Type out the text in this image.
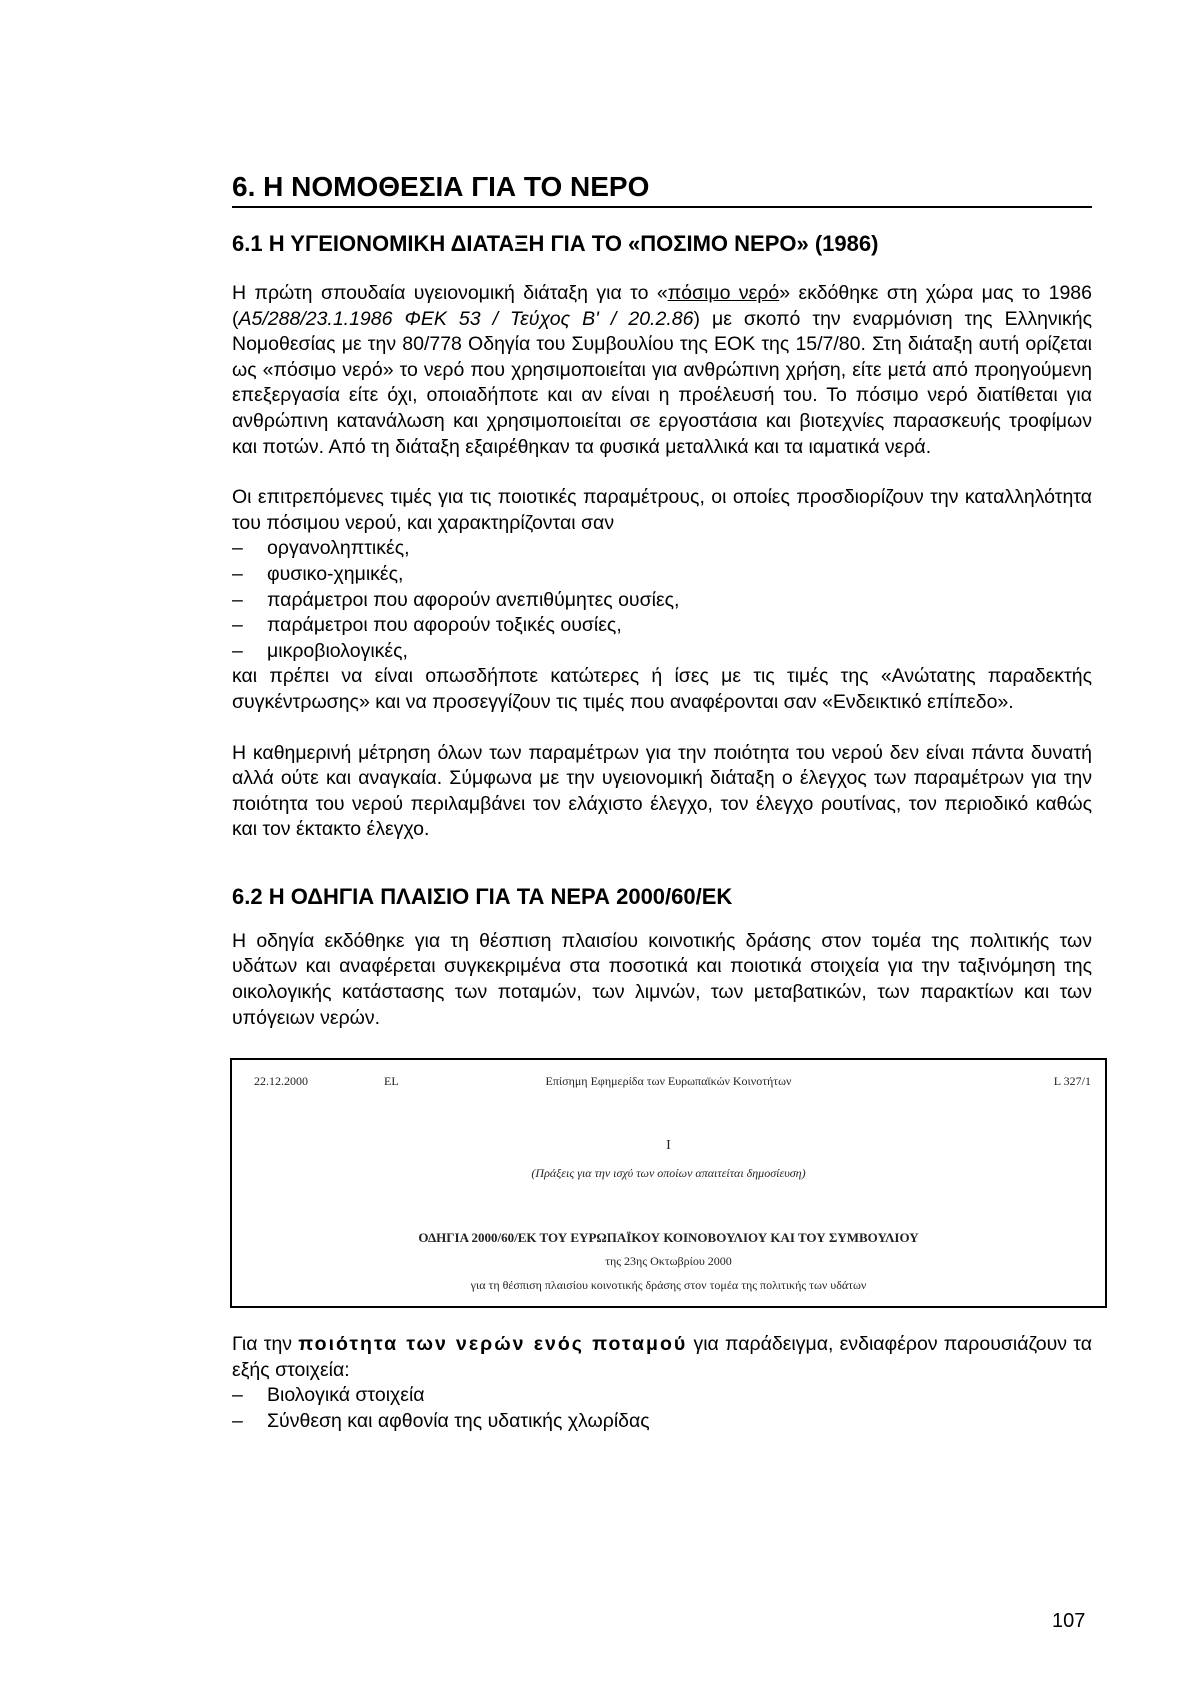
6. Η ΝΟΜΟΘΕΣΙΑ ΓΙΑ ΤΟ ΝΕΡΟ
6.1 Η ΥΓΕΙΟΝΟΜΙΚΗ ΔΙΑΤΑΞΗ ΓΙΑ ΤΟ «ΠΟΣΙΜΟ ΝΕΡΟ» (1986)

Η πρώτη σπουδαία υγειονομική διάταξη για το «πόσιμο νερό» εκδόθηκε στη χώρα μας το 1986 (Α5/288/23.1.1986 ΦΕΚ 53 / Τεύχος Β' / 20.2.86) με σκοπό την εναρμόνιση της Ελληνικής Νομοθεσίας με την 80/778 Οδηγία του Συμβουλίου της ΕΟΚ της 15/7/80. Στη διάταξη αυτή ορίζεται ως «πόσιμο νερό» το νερό που χρησιμοποιείται για ανθρώπινη χρήση, είτε μετά από προηγούμενη επεξεργασία είτε όχι, οποιαδήποτε και αν είναι η προέλευσή του. Το πόσιμο νερό διατίθεται για ανθρώπινη κατανάλωση και χρησιμοποιείται σε εργοστάσια και βιοτεχνίες παρασκευής τροφίμων και ποτών. Από τη διάταξη εξαιρέθηκαν τα φυσικά μεταλλικά και τα ιαματικά νερά.

Οι επιτρεπόμενες τιμές για τις ποιοτικές παραμέτρους, οι οποίες προσδιορίζουν την καταλληλότητα του πόσιμου νερού, και χαρακτηρίζονται σαν

– οργανοληπτικές,
– φυσικο-χημικές,
– παράμετροι που αφορούν ανεπιθύμητες ουσίες,
– παράμετροι που αφορούν τοξικές ουσίες,
– μικροβιολογικές,

και πρέπει να είναι οπωσδήποτε κατώτερες ή ίσες με τις τιμές της «Ανώτατης παραδεκτής συγκέντρωσης» και να προσεγγίζουν τις τιμές που αναφέρονται σαν «Ενδεικτικό επίπεδο».

Η καθημερινή μέτρηση όλων των παραμέτρων για την ποιότητα του νερού δεν είναι πάντα δυνατή αλλά ούτε και αναγκαία. Σύμφωνα με την υγειονομική διάταξη ο έλεγχος των παραμέτρων για την ποιότητα του νερού περιλαμβάνει τον ελάχιστο έλεγχο, τον έλεγχο ρουτίνας, τον περιοδικό καθώς και τον έκτακτο έλεγχο.

6.2 Η ΟΔΗΓΙΑ ΠΛΑΙΣΙΟ ΓΙΑ ΤΑ ΝΕΡΑ 2000/60/ΕΚ

Η οδηγία εκδόθηκε για τη θέσπιση πλαισίου κοινοτικής δράσης στον τομέα της πολιτικής των υδάτων και αναφέρεται συγκεκριμένα στα ποσοτικά και ποιοτικά στοιχεία για την ταξινόμηση της οικολογικής κατάστασης των ποταμών, των λιμνών, των μεταβατικών, των παρακτίων και των υπόγειων νερών.

22.12.2000	EL	Επίσημη Εφημερίδα των Ευρωπαϊκών Κοινοτήτων	L 327/1
I
(Πράξεις για την ισχύ των οποίων απαιτείται δημοσίευση)
ΟΔΗΓΙΑ 2000/60/ΕΚ ΤΟΥ ΕΥΡΩΠΑΪΚΟΥ ΚΟΙΝΟΒΟΥΛΙΟΥ ΚΑΙ ΤΟΥ ΣΥΜΒΟΥΛΙΟΥ
της 23ης Οκτωβρίου 2000
για τη θέσπιση πλαισίου κοινοτικής δράσης στον τομέα της πολιτικής των υδάτων

Για την ποιότητα των νερών ενός ποταμού για παράδειγμα, ενδιαφέρον παρουσιάζουν τα εξής στοιχεία:

– Βιολογικά στοιχεία
– Σύνθεση και αφθονία της υδατικής χλωρίδας
107
